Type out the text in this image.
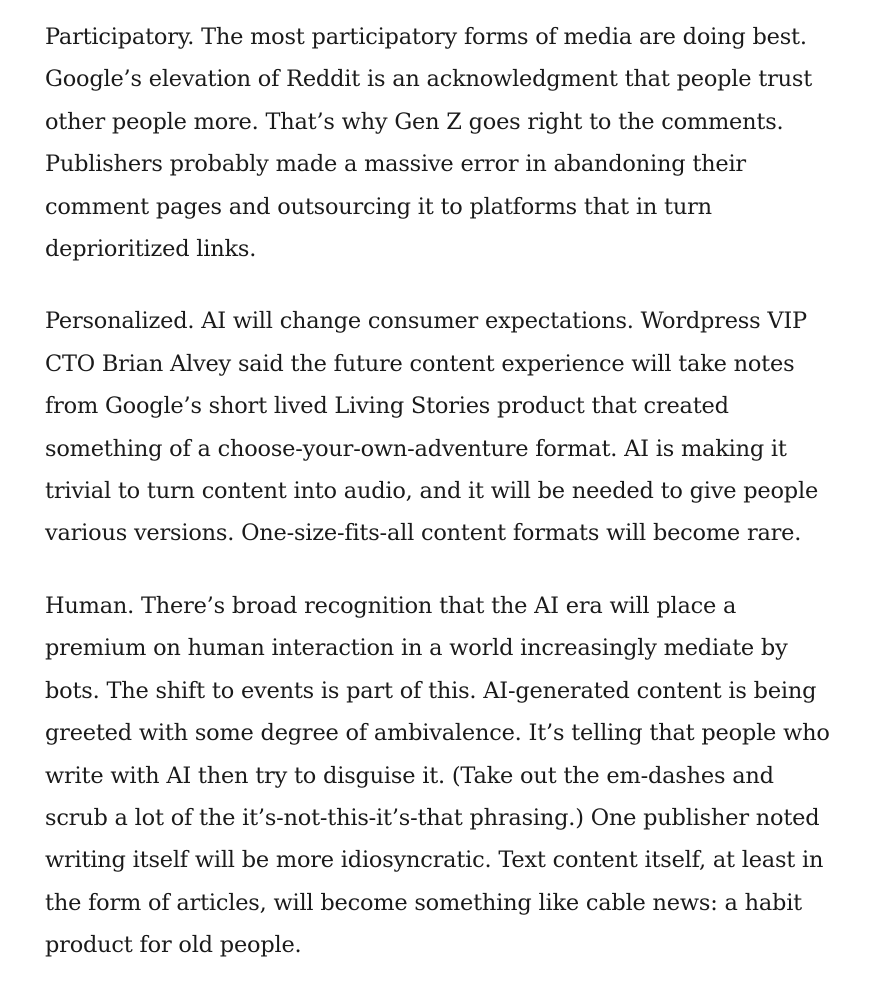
Participatory. The most participatory forms of media are doing best.
Google’s elevation of Reddit is an acknowledgment that people trust
other people more. That’s why Gen Z goes right to the comments.
Publishers probably made a massive error in abandoning their
comment pages and outsourcing it to platforms that in turn
deprioritized links.

Personalized. AI will change consumer expectations. Wordpress VIP
CTO Brian Alvey said the future content experience will take notes
from Google’s short lived Living Stories product that created
something of a choose-your-own-adventure format. AI is making it
trivial to turn content into audio, and it will be needed to give people
various versions. One-size-fits-all content formats will become rare.

Human. There’s broad recognition that the AI era will place a
premium on human interaction in a world increasingly mediate by
bots. The shift to events is part of this. AI-generated content is being
greeted with some degree of ambivalence. It’s telling that people who
write with AI then try to disguise it. (Take out the em-dashes and
scrub a lot of the it’s-not-this-it’s-that phrasing.) One publisher noted
writing itself will be more idiosyncratic. Text content itself, at least in
the form of articles, will become something like cable news: a habit
product for old people.
